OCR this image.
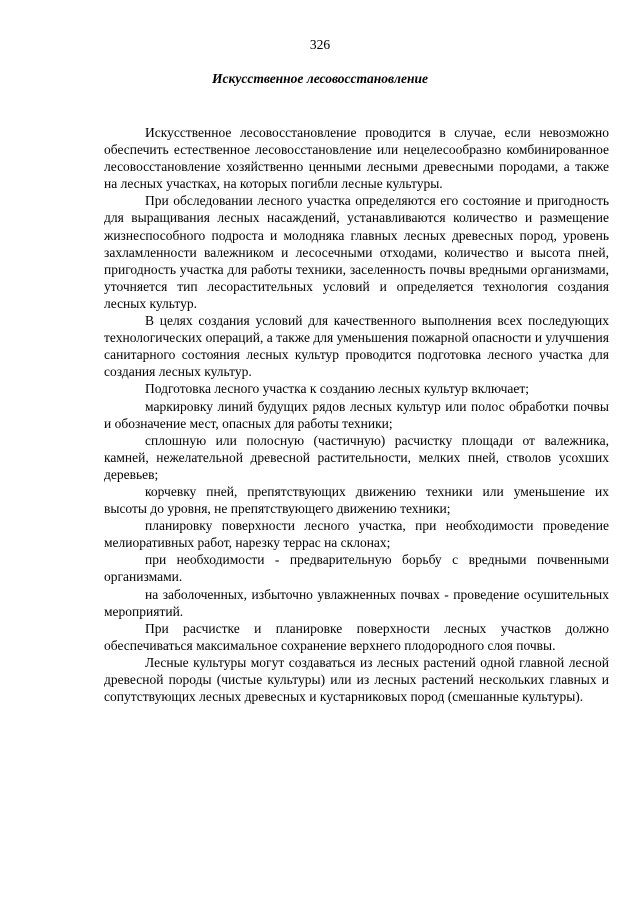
326
Искусственное лесовосстановление

Искусственное лесовосстановление проводится в случае, если невозможно обеспечить естественное лесовосстановление или нецелесообразно комбинированное лесовосстановление хозяйственно ценными лесными древесными породами, а также на лесных участках, на которых погибли лесные культуры.

При обследовании лесного участка определяются его состояние и пригодность для выращивания лесных насаждений, устанавливаются количество и размещение жизнеспособного подроста и молодняка главных лесных древесных пород, уровень захламленности валежником и лесосечными отходами, количество и высота пней, пригодность участка для работы техники, заселенность почвы вредными организмами, уточняется тип лесорастительных условий и определяется технология создания лесных культур.

В целях создания условий для качественного выполнения всех последующих технологических операций, а также для уменьшения пожарной опасности и улучшения санитарного состояния лесных культур проводится подготовка лесного участка для создания лесных культур.

Подготовка лесного участка к созданию лесных культур включает;

маркировку линий будущих рядов лесных культур или полос обработки почвы и обозначение мест, опасных для работы техники;

сплошную или полосную (частичную) расчистку площади от валежника, камней, нежелательной древесной растительности, мелких пней, стволов усохших деревьев;

корчевку пней, препятствующих движению техники или уменьшение их высоты до уровня, не препятствующего движению техники;

планировку поверхности лесного участка, при необходимости проведение мелиоративных работ, нарезку террас на склонах;

при необходимости - предварительную борьбу с вредными почвенными организмами.

на заболоченных, избыточно увлажненных почвах - проведение осушительных мероприятий.

При расчистке и планировке поверхности лесных участков должно обеспечиваться максимальное сохранение верхнего плодородного слоя почвы.

Лесные культуры могут создаваться из лесных растений одной главной лесной древесной породы (чистые культуры) или из лесных растений нескольких главных и сопутствующих лесных древесных и кустарниковых пород (смешанные культуры).
